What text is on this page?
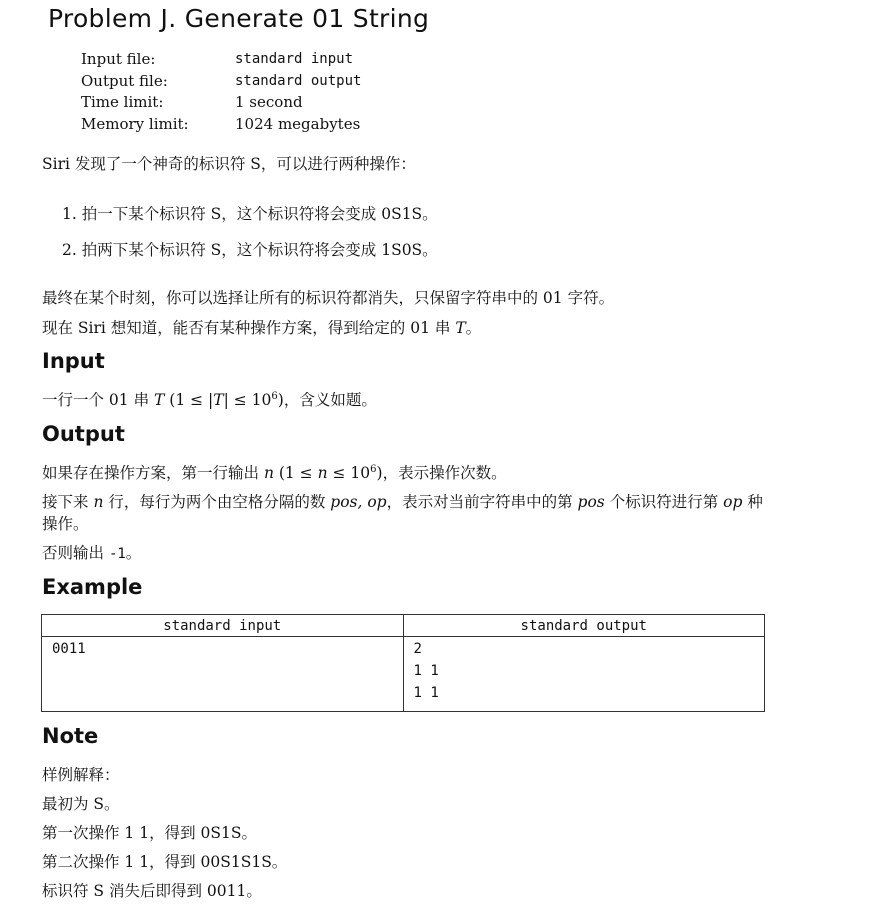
Problem J. Generate 01 String
Input file:	standard input
Output file:	standard output
Time limit:	1 second
Memory limit:	1024 megabytes
Siri 发现了一个神奇的标识符 S，可以进行两种操作：
1. 拍一下某个标识符 S，这个标识符将会变成 0S1S。
2. 拍两下某个标识符 S，这个标识符将会变成 1S0S。
最终在某个时刻，你可以选择让所有的标识符都消失，只保留字符串中的 01 字符。
现在 Siri 想知道，能否有某种操作方案，得到给定的 01 串 T。
Input
一行一个 01 串 T $(1 \le |T| \le 10^6)$，含义如题。
Output
如果存在操作方案，第一行输出 n $(1 \le n \le 10^6)$，表示操作次数。
接下来 n 行，每行为两个由空格分隔的数 pos, op，表示对当前字符串中的第 pos 个标识符进行第 op 种
操作。
否则输出 -1。
Example
standard input	standard output

0011	2
1 1
1 1
Note
样例解释：
最初为 S。
第一次操作 1 1，得到 0S1S。
第二次操作 1 1，得到 00S1S1S。
标识符 S 消失后即得到 0011。
